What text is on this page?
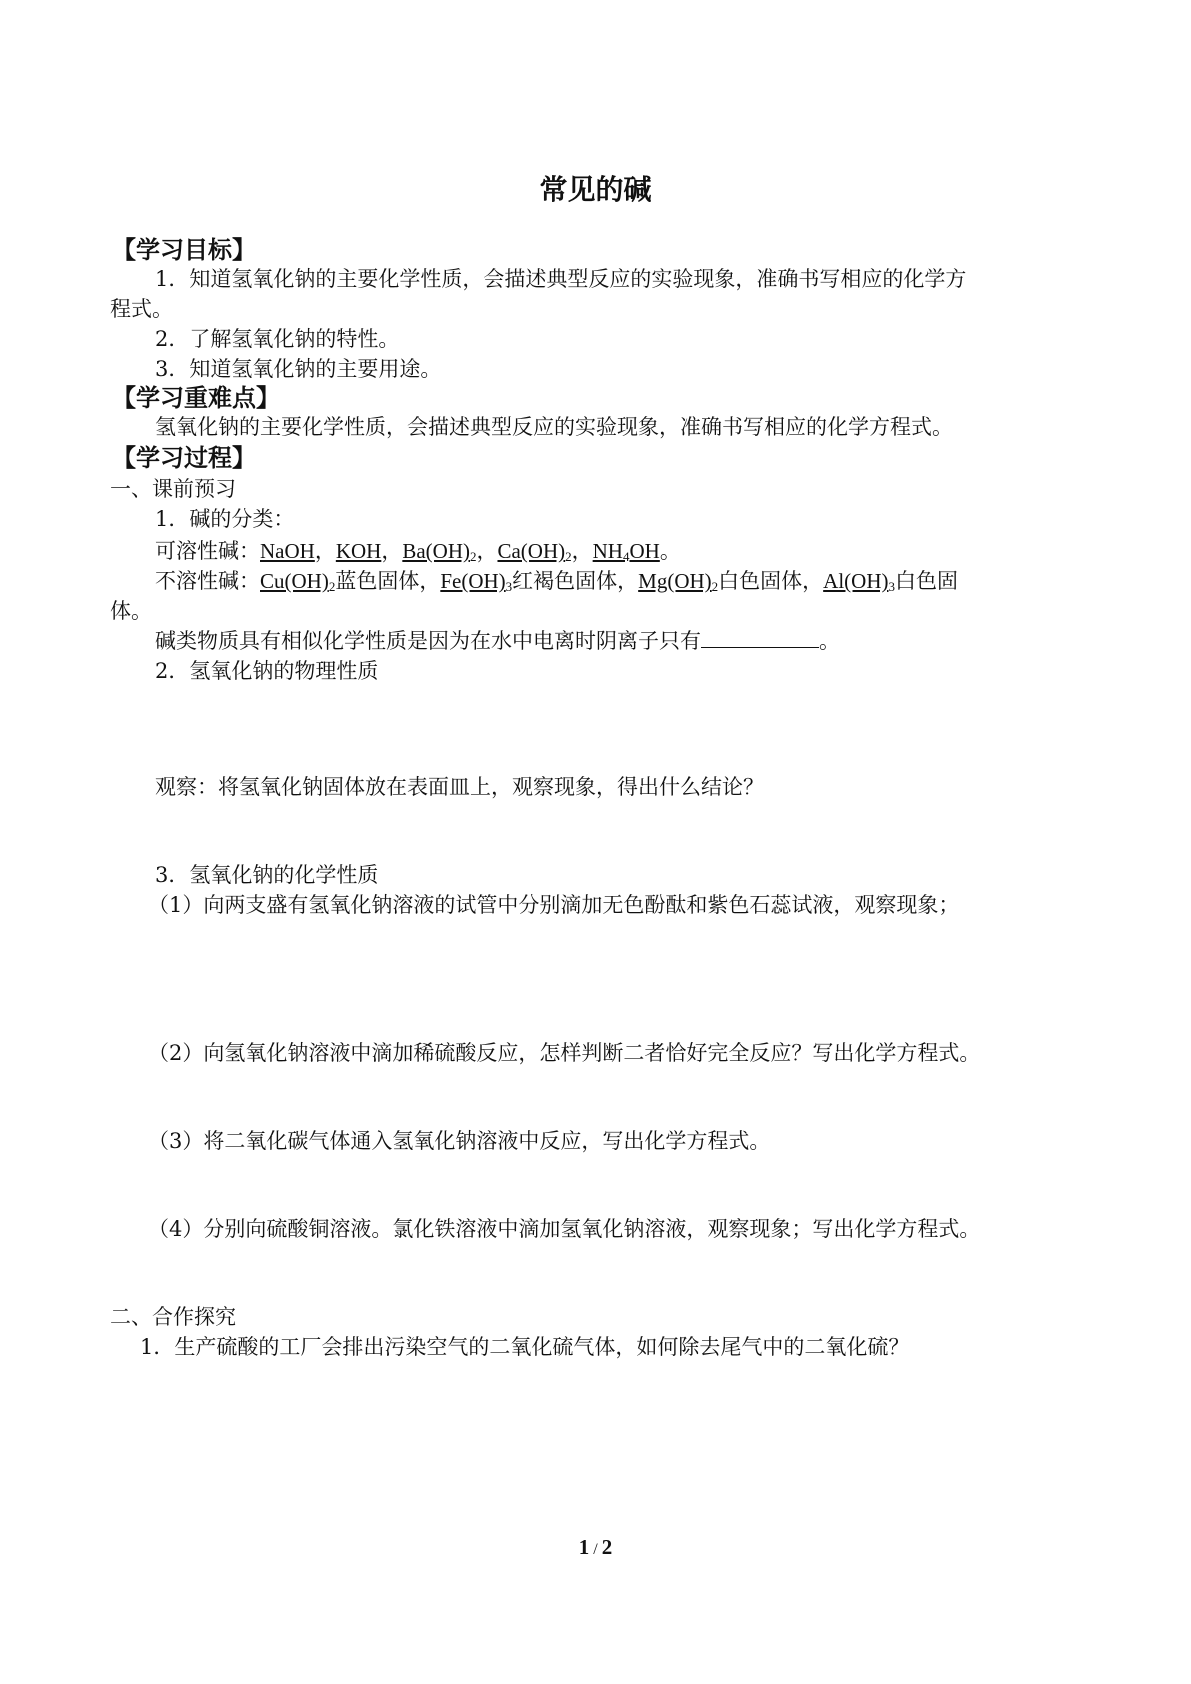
常见的碱
【学习目标】
1．知道氢氧化钠的主要化学性质，会描述典型反应的实验现象，准确书写相应的化学方
程式。
2．了解氢氧化钠的特性。
3．知道氢氧化钠的主要用途。
【学习重难点】
氢氧化钠的主要化学性质，会描述典型反应的实验现象，准确书写相应的化学方程式。
【学习过程】
一、课前预习
1．碱的分类：
可溶性碱：NaOH，KOH，$Ba(OH)_2$，$Ca(OH)_2$，$NH_4OH$。
不溶性碱：$Cu(OH)_2$蓝色固体，$Fe(OH)_3$红褐色固体，$Mg(OH)_2$白色固体，$Al(OH)_3$白色固
体。
碱类物质具有相似化学性质是因为在水中电离时阴离子只有	。
2．氢氧化钠的物理性质
观察：将氢氧化钠固体放在表面皿上，观察现象，得出什么结论？
3．氢氧化钠的化学性质
（1）向两支盛有氢氧化钠溶液的试管中分别滴加无色酚酞和紫色石蕊试液，观察现象；
（2）向氢氧化钠溶液中滴加稀硫酸反应，怎样判断二者恰好完全反应？写出化学方程式。
（3）将二氧化碳气体通入氢氧化钠溶液中反应，写出化学方程式。
（4）分别向硫酸铜溶液。氯化铁溶液中滴加氢氧化钠溶液，观察现象；写出化学方程式。
二、合作探究
1．生产硫酸的工厂会排出污染空气的二氧化硫气体，如何除去尾气中的二氧化硫？
1 / 2
